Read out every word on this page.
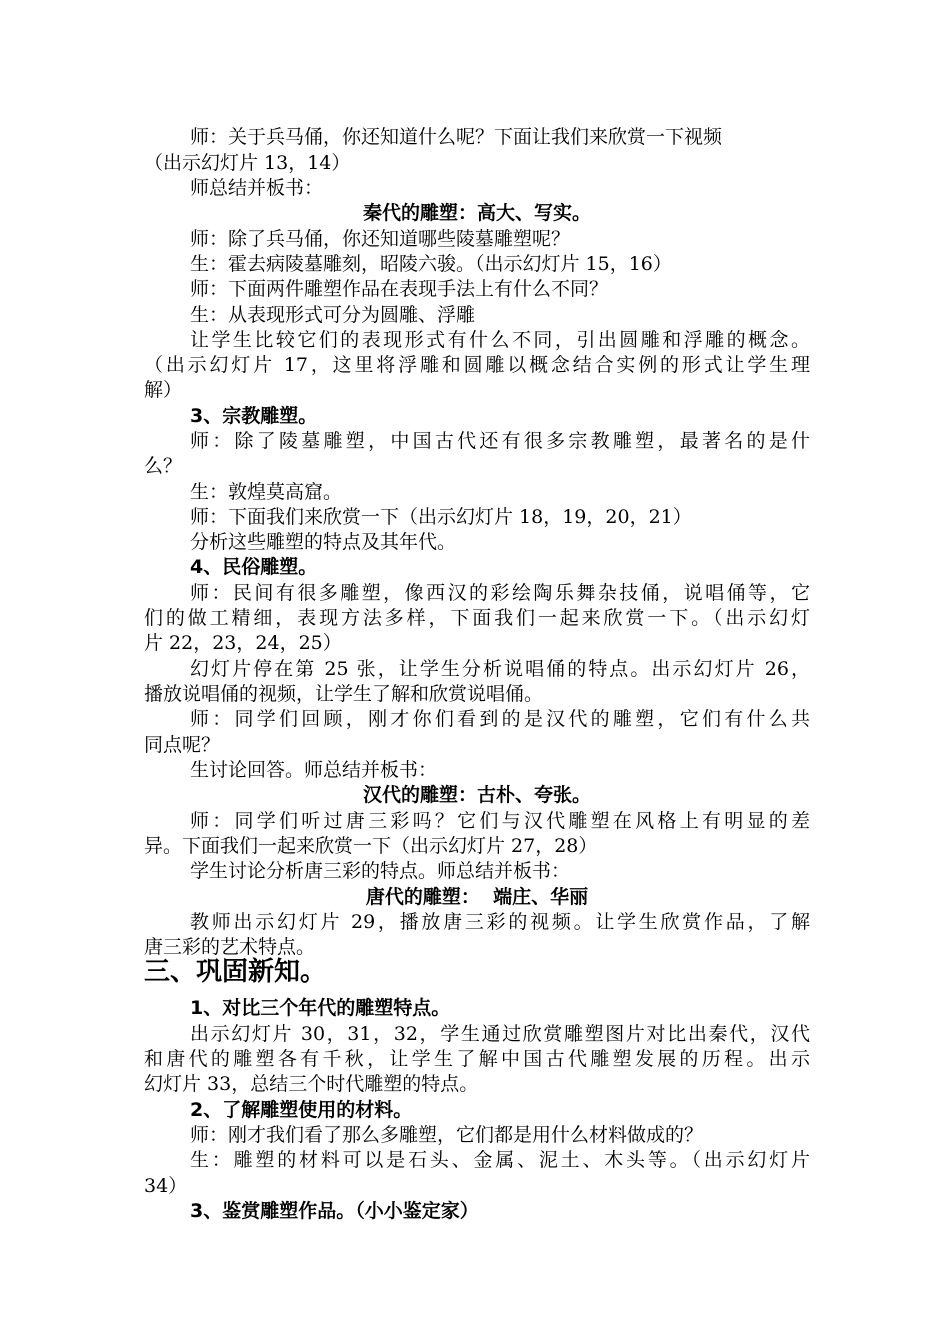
师：关于兵马俑，你还知道什么呢？下面让我们来欣赏一下视频
（出示幻灯片 13，14）
师总结并板书：
秦代的雕塑：高大、写实。
师：除了兵马俑，你还知道哪些陵墓雕塑呢？
生：霍去病陵墓雕刻，昭陵六骏。（出示幻灯片 15，16）
师：下面两件雕塑作品在表现手法上有什么不同？
生：从表现形式可分为圆雕、浮雕
让学生比较它们的表现形式有什么不同，引出圆雕和浮雕的概念。
（出示幻灯片 17，这里将浮雕和圆雕以概念结合实例的形式让学生理
解）
3、宗教雕塑。
师：除了陵墓雕塑，中国古代还有很多宗教雕塑，最著名的是什
么？
生：敦煌莫高窟。
师：下面我们来欣赏一下（出示幻灯片 18，19，20，21）
分析这些雕塑的特点及其年代。
4、民俗雕塑。
师：民间有很多雕塑，像西汉的彩绘陶乐舞杂技俑，说唱俑等，它
们的做工精细，表现方法多样，下面我们一起来欣赏一下。（出示幻灯
片 22，23，24，25）
幻灯片停在第 25 张，让学生分析说唱俑的特点。出示幻灯片 26，
播放说唱俑的视频，让学生了解和欣赏说唱俑。
师：同学们回顾，刚才你们看到的是汉代的雕塑，它们有什么共
同点呢？
生讨论回答。师总结并板书：
汉代的雕塑：古朴、夸张。
师：同学们听过唐三彩吗？它们与汉代雕塑在风格上有明显的差
异。下面我们一起来欣赏一下（出示幻灯片 27，28）
学生讨论分析唐三彩的特点。师总结并板书：
唐代的雕塑：  端庄、华丽
教师出示幻灯片 29，播放唐三彩的视频。让学生欣赏作品，了解
唐三彩的艺术特点。
三、巩固新知。
1、对比三个年代的雕塑特点。
出示幻灯片 30，31，32，学生通过欣赏雕塑图片对比出秦代，汉代
和唐代的雕塑各有千秋，让学生了解中国古代雕塑发展的历程。出示
幻灯片 33，总结三个时代雕塑的特点。
2、了解雕塑使用的材料。
师：刚才我们看了那么多雕塑，它们都是用什么材料做成的？
生：雕塑的材料可以是石头、金属、泥土、木头等。（出示幻灯片
34）
3、鉴赏雕塑作品。（小小鉴定家）
